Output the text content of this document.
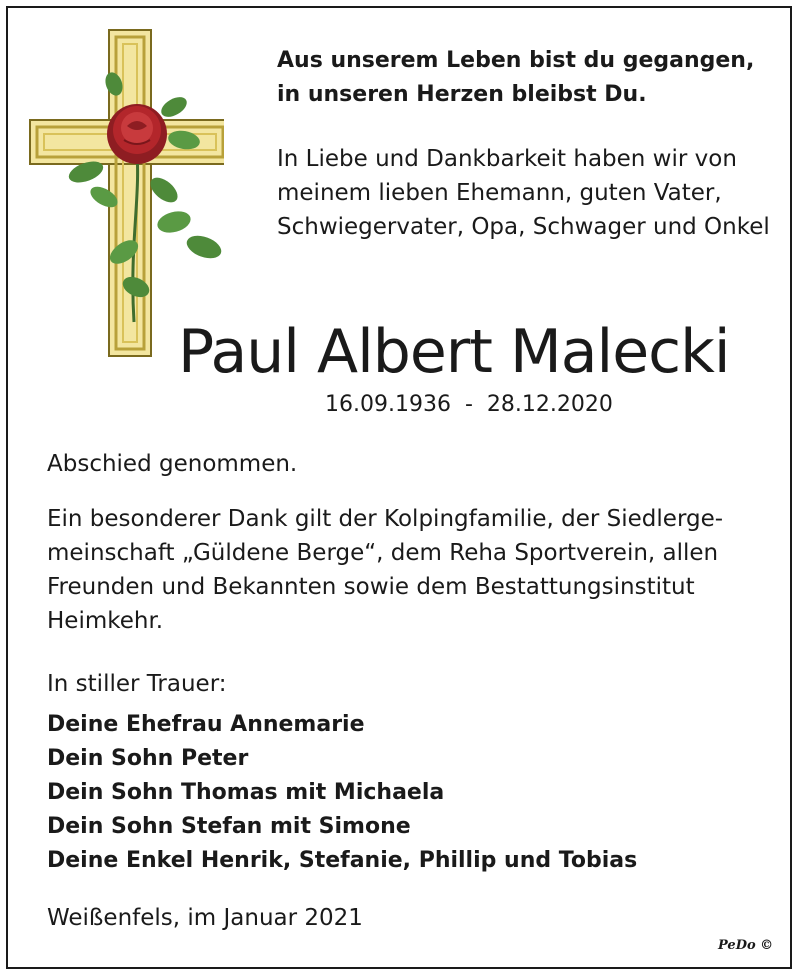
Aus unserem Leben bist du gegangen,
in unseren Herzen bleibst Du.

In Liebe und Dankbarkeit haben wir von meinem lieben Ehemann, guten Vater, Schwiegervater, Opa, Schwager und Onkel

Paul Albert Malecki
16.09.1936  -  28.12.2020

Abschied genommen.

Ein besonderer Dank gilt der Kolpingfamilie, der Siedlerge- meinschaft „Güldene Berge“, dem Reha Sportverein, allen Freunden und Bekannten sowie dem Bestattungsinstitut Heimkehr.

In stiller Trauer:

Deine Ehefrau Annemarie
Dein Sohn Peter
Dein Sohn Thomas mit Michaela
Dein Sohn Stefan mit Simone
Deine Enkel Henrik, Stefanie, Phillip und Tobias

Weißenfels, im Januar 2021

PeDo ©
